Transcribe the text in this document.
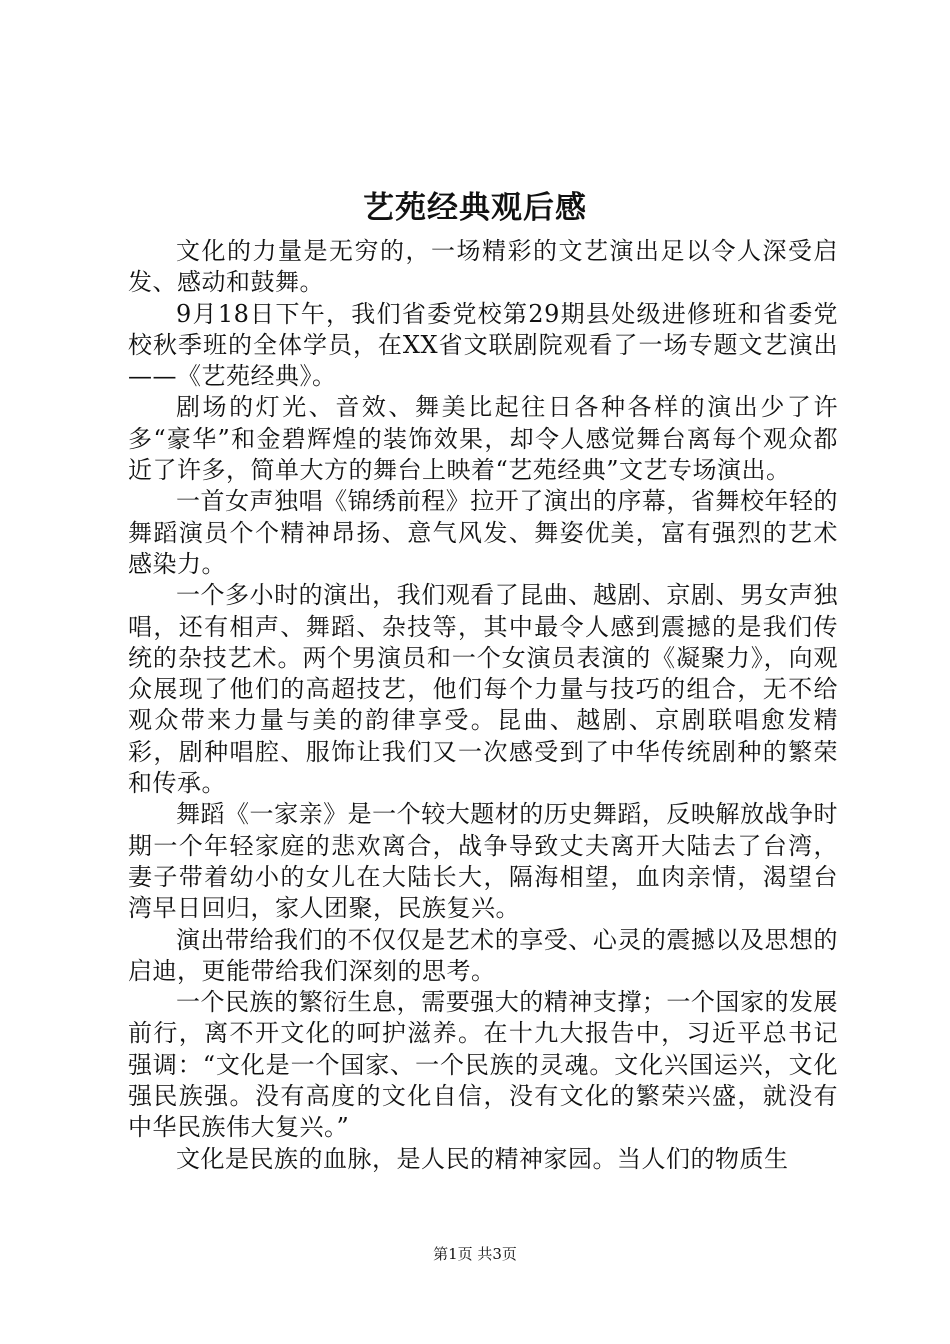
艺苑经典观后感

文化的力量是无穷的，一场精彩的文艺演出足以令人深受启发、感动和鼓舞。

9月18日下午，我们省委党校第29期县处级进修班和省委党校秋季班的全体学员，在XX省文联剧院观看了一场专题文艺演出——《艺苑经典》。

剧场的灯光、音效、舞美比起往日各种各样的演出少了许多“豪华”和金碧辉煌的装饰效果，却令人感觉舞台离每个观众都近了许多，简单大方的舞台上映着“艺苑经典”文艺专场演出。

一首女声独唱《锦绣前程》拉开了演出的序幕，省舞校年轻的舞蹈演员个个精神昂扬、意气风发、舞姿优美，富有强烈的艺术感染力。

一个多小时的演出，我们观看了昆曲、越剧、京剧、男女声独唱，还有相声、舞蹈、杂技等，其中最令人感到震撼的是我们传统的杂技艺术。两个男演员和一个女演员表演的《凝聚力》，向观众展现了他们的高超技艺，他们每个力量与技巧的组合，无不给观众带来力量与美的韵律享受。昆曲、越剧、京剧联唱愈发精彩，剧种唱腔、服饰让我们又一次感受到了中华传统剧种的繁荣和传承。

舞蹈《一家亲》是一个较大题材的历史舞蹈，反映解放战争时期一个年轻家庭的悲欢离合，战争导致丈夫离开大陆去了台湾，妻子带着幼小的女儿在大陆长大，隔海相望，血肉亲情，渴望台湾早日回归，家人团聚，民族复兴。

演出带给我们的不仅仅是艺术的享受、心灵的震撼以及思想的启迪，更能带给我们深刻的思考。

一个民族的繁衍生息，需要强大的精神支撑；一个国家的发展前行，离不开文化的呵护滋养。在十九大报告中，习近平总书记强调：“文化是一个国家、一个民族的灵魂。文化兴国运兴，文化强民族强。没有高度的文化自信，没有文化的繁荣兴盛，就没有中华民族伟大复兴。”

文化是民族的血脉，是人民的精神家园。当人们的物质生

第1页 共3页
